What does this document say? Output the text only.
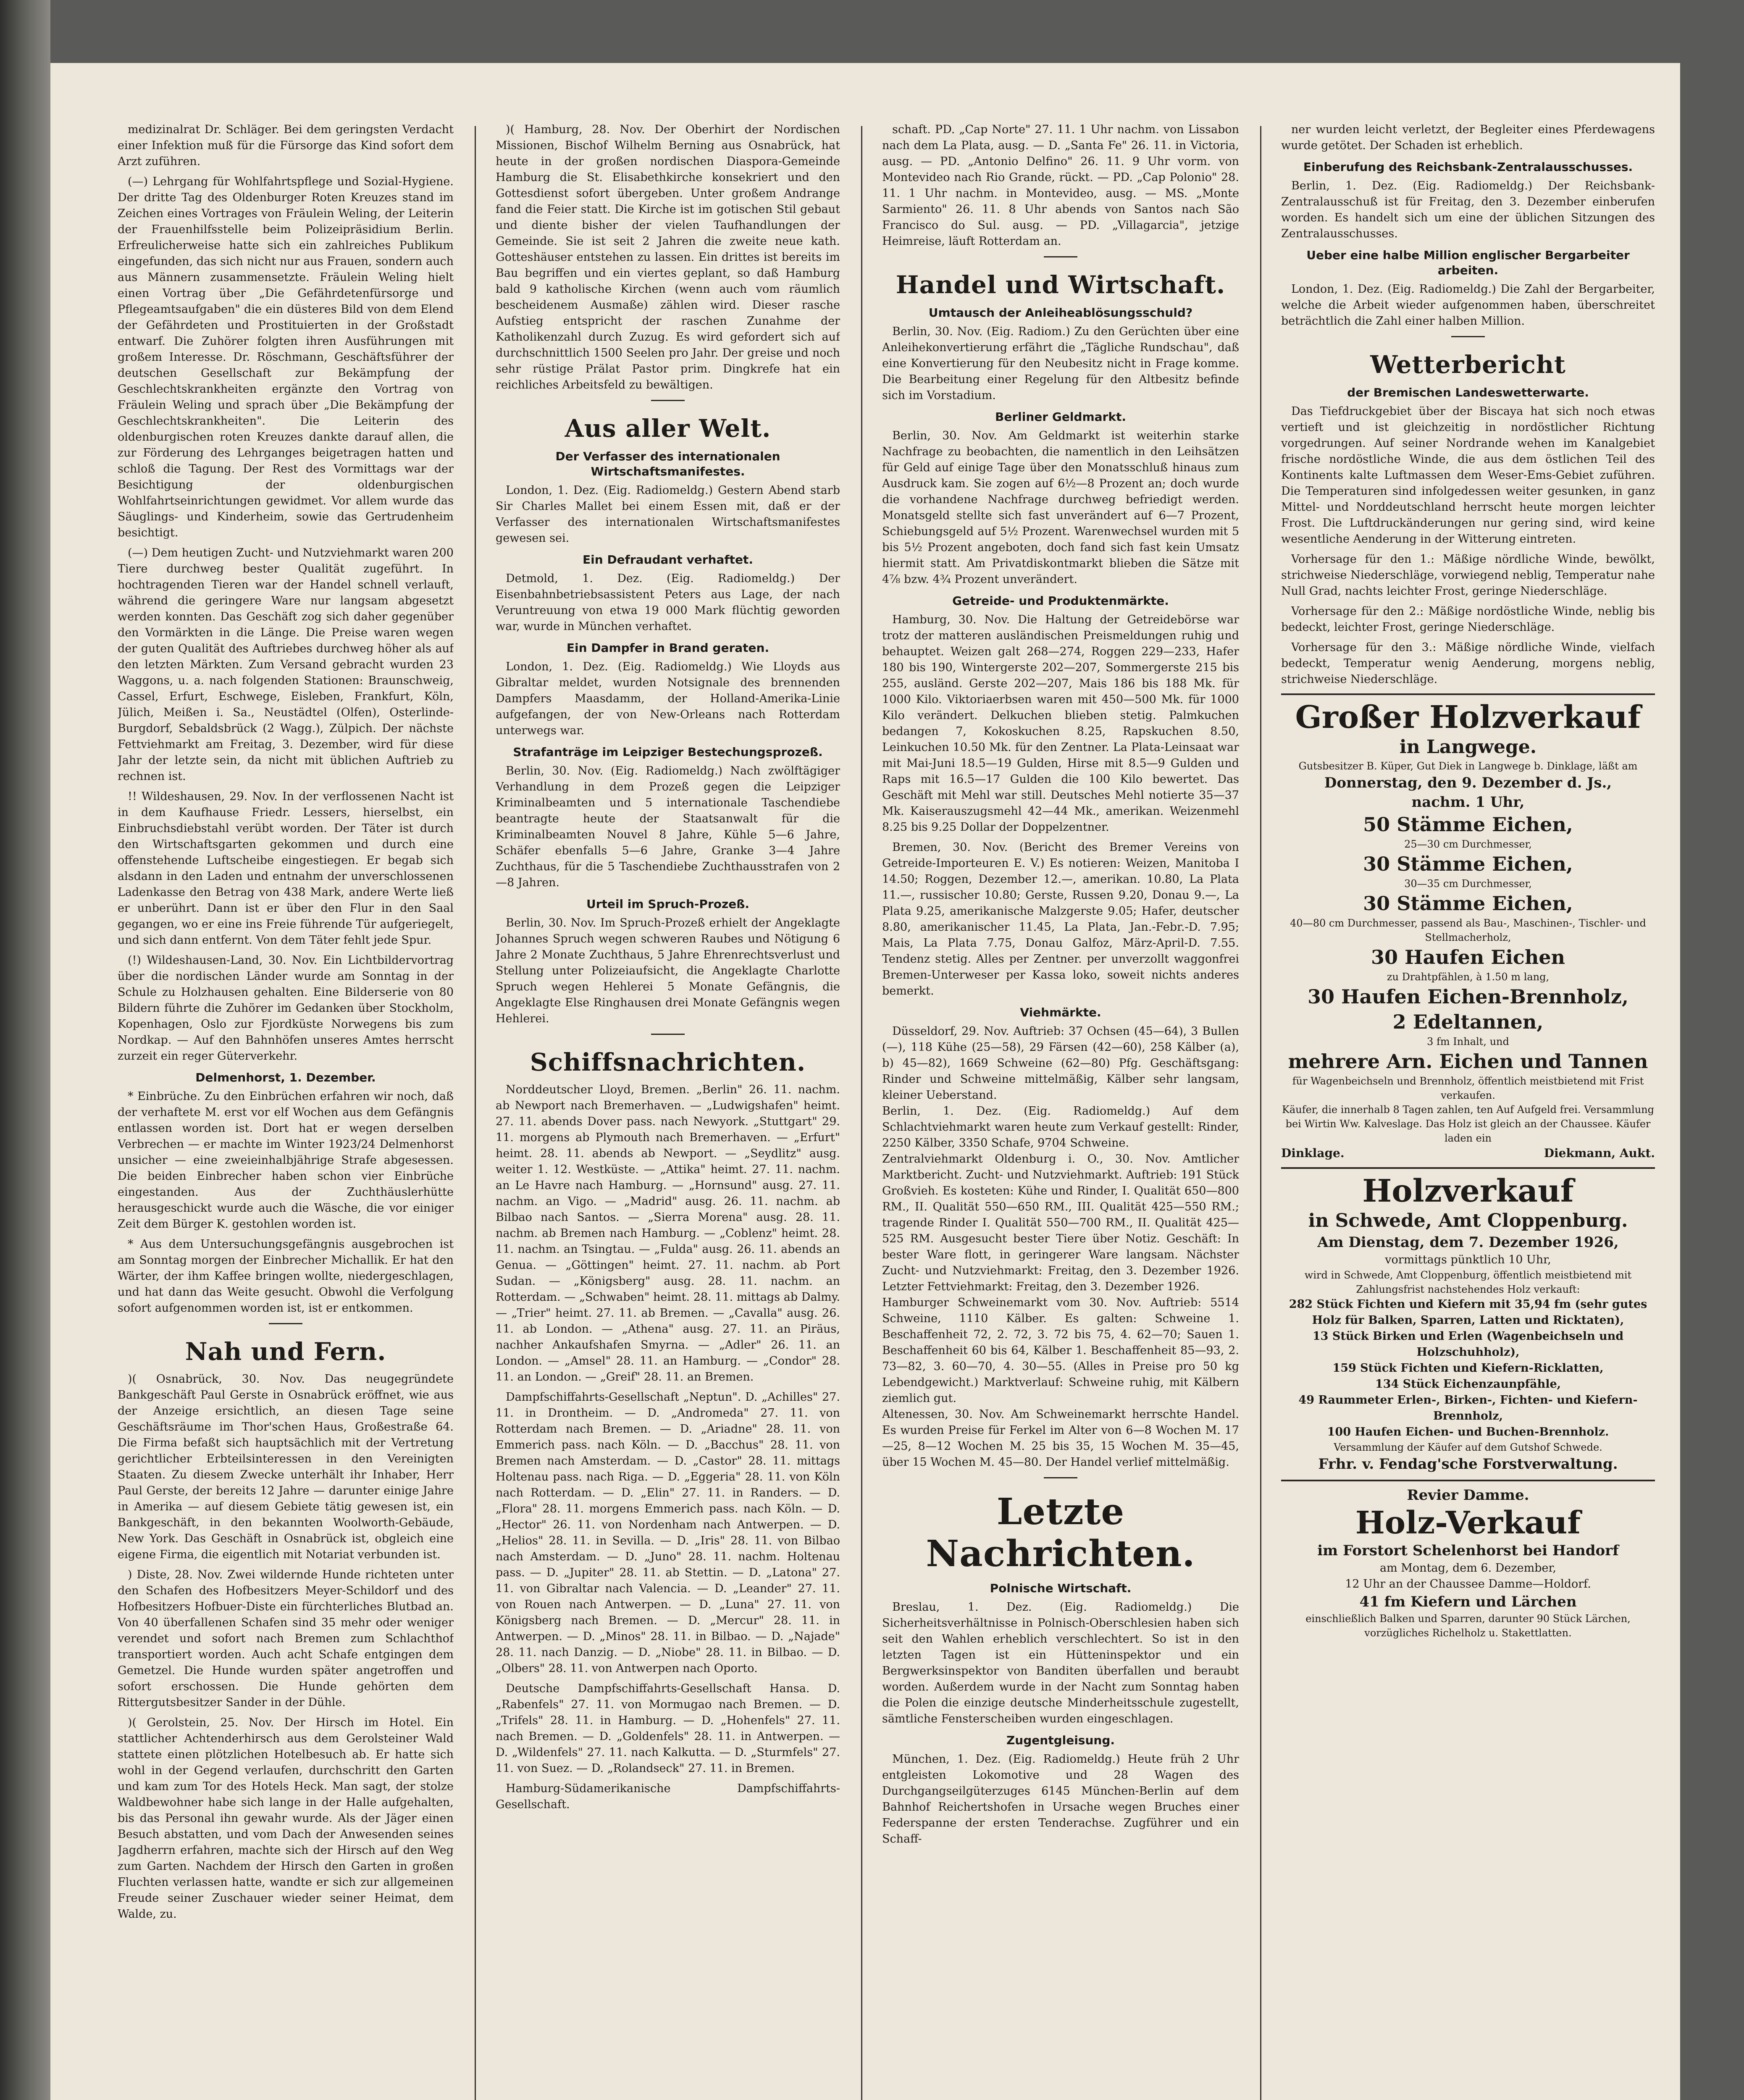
medizinalrat Dr. Schläger. Bei dem geringsten Verdacht einer Infektion muß für die Fürsorge das Kind sofort dem Arzt zuführen.

(—) Lehrgang für Wohlfahrtspflege und Sozial-Hygiene. Der dritte Tag des Oldenburger Roten Kreuzes stand im Zeichen eines Vortrages von Fräulein Weling, der Leiterin der Frauenhilfsstelle beim Polizeipräsidium Berlin. Erfreulicherweise hatte sich ein zahlreiches Publikum eingefunden, das sich nicht nur aus Frauen, sondern auch aus Männern zusammensetzte. Fräulein Weling hielt einen Vortrag über „Die Gefährdetenfürsorge und Pflegeamtsaufgaben" die ein düsteres Bild von dem Elend der Gefährdeten und Prostituierten in der Großstadt entwarf. Die Zuhörer folgten ihren Ausführungen mit großem Interesse. Dr. Röschmann, Geschäftsführer der deutschen Gesellschaft zur Bekämpfung der Geschlechtskrankheiten ergänzte den Vortrag von Fräulein Weling und sprach über „Die Bekämpfung der Geschlechtskrankheiten". Die Leiterin des oldenburgischen roten Kreuzes dankte darauf allen, die zur Förderung des Lehrganges beigetragen hatten und schloß die Tagung. Der Rest des Vormittags war der Besichtigung der oldenburgischen Wohlfahrtseinrichtungen gewidmet. Vor allem wurde das Säuglings- und Kinderheim, sowie das Gertrudenheim besichtigt.

(—) Dem heutigen Zucht- und Nutzviehmarkt waren 200 Tiere durchweg bester Qualität zugeführt. In hochtragenden Tieren war der Handel schnell verlauft, während die geringere Ware nur langsam abgesetzt werden konnten. Das Geschäft zog sich daher gegenüber den Vormärkten in die Länge. Die Preise waren wegen der guten Qualität des Auftriebes durchweg höher als auf den letzten Märkten. Zum Versand gebracht wurden 23 Waggons, u. a. nach folgenden Stationen: Braunschweig, Cassel, Erfurt, Eschwege, Eisleben, Frankfurt, Köln, Jülich, Meißen i. Sa., Neustädtel (Olfen), Osterlinde-Burgdorf, Sebaldsbrück (2 Wagg.), Zülpich. Der nächste Fettviehmarkt am Freitag, 3. Dezember, wird für diese Jahr der letzte sein, da nicht mit üblichen Auftrieb zu rechnen ist.

!! Wildeshausen, 29. Nov. In der verflossenen Nacht ist in dem Kaufhause Friedr. Lessers, hierselbst, ein Einbruchsdiebstahl verübt worden. Der Täter ist durch den Wirtschaftsgarten gekommen und durch eine offenstehende Luftscheibe eingestiegen. Er begab sich alsdann in den Laden und entnahm der unverschlossenen Ladenkasse den Betrag von 438 Mark, andere Werte ließ er unberührt. Dann ist er über den Flur in den Saal gegangen, wo er eine ins Freie führende Tür aufgeriegelt, und sich dann entfernt. Von dem Täter fehlt jede Spur.

(!) Wildeshausen-Land, 30. Nov. Ein Lichtbildervortrag über die nordischen Länder wurde am Sonntag in der Schule zu Holzhausen gehalten. Eine Bilderserie von 80 Bildern führte die Zuhörer im Gedanken über Stockholm, Kopenhagen, Oslo zur Fjordküste Norwegens bis zum Nordkap. — Auf den Bahnhöfen unseres Amtes herrscht zurzeit ein reger Güterverkehr.

Delmenhorst, 1. Dezember.

* Einbrüche. Zu den Einbrüchen erfahren wir noch, daß der verhaftete M. erst vor elf Wochen aus dem Gefängnis entlassen worden ist. Dort hat er wegen derselben Verbrechen — er machte im Winter 1923/24 Delmenhorst unsicher — eine zweieinhalbjährige Strafe abgesessen. Die beiden Einbrecher haben schon vier Einbrüche eingestanden. Aus der Zuchthäuslerhütte herausgeschickt wurde auch die Wäsche, die vor einiger Zeit dem Bürger K. gestohlen worden ist.

* Aus dem Untersuchungsgefängnis ausgebrochen ist am Sonntag morgen der Einbrecher Michallik. Er hat den Wärter, der ihm Kaffee bringen wollte, niedergeschlagen, und hat dann das Weite gesucht. Obwohl die Verfolgung sofort aufgenommen worden ist, ist er entkommen.

Nah und Fern.

)( Osnabrück, 30. Nov. Das neugegründete Bankgeschäft Paul Gerste in Osnabrück eröffnet, wie aus der Anzeige ersichtlich, an diesen Tage seine Geschäftsräume im Thor'schen Haus, Großestraße 64. Die Firma befaßt sich hauptsächlich mit der Vertretung gerichtlicher Erbteilsinteressen in den Vereinigten Staaten. Zu diesem Zwecke unterhält ihr Inhaber, Herr Paul Gerste, der bereits 12 Jahre — darunter einige Jahre in Amerika — auf diesem Gebiete tätig gewesen ist, ein Bankgeschäft, in den bekannten Woolworth-Gebäude, New York. Das Geschäft in Osnabrück ist, obgleich eine eigene Firma, die eigentlich mit Notariat verbunden ist.

) Diste, 28. Nov. Zwei wildernde Hunde richteten unter den Schafen des Hofbesitzers Meyer-Schildorf und des Hofbesitzers Hofbuer-Diste ein fürchterliches Blutbad an. Von 40 überfallenen Schafen sind 35 mehr oder weniger verendet und sofort nach Bremen zum Schlachthof transportiert worden. Auch acht Schafe entgingen dem Gemetzel. Die Hunde wurden später angetroffen und sofort erschossen. Die Hunde gehörten dem Rittergutsbesitzer Sander in der Dühle.

)( Gerolstein, 25. Nov. Der Hirsch im Hotel. Ein stattlicher Achtenderhirsch aus dem Gerolsteiner Wald stattete einen plötzlichen Hotelbesuch ab. Er hatte sich wohl in der Gegend verlaufen, durchschritt den Garten und kam zum Tor des Hotels Heck. Man sagt, der stolze Waldbewohner habe sich lange in der Halle aufgehalten, bis das Personal ihn gewahr wurde. Als der Jäger einen Besuch abstatten, und vom Dach der Anwesenden seines Jagdherrn erfahren, machte sich der Hirsch auf den Weg zum Garten. Nachdem der Hirsch den Garten in großen Fluchten verlassen hatte, wandte er sich zur allgemeinen Freude seiner Zuschauer wieder seiner Heimat, dem Walde, zu.

)( Hamburg, 28. Nov. Der Oberhirt der Nordischen Missionen, Bischof Wilhelm Berning aus Osnabrück, hat heute in der großen nordischen Diaspora-Gemeinde Hamburg die St. Elisabethkirche konsekriert und den Gottesdienst sofort übergeben. Unter großem Andrange fand die Feier statt. Die Kirche ist im gotischen Stil gebaut und diente bisher der vielen Taufhandlungen der Gemeinde. Sie ist seit 2 Jahren die zweite neue kath. Gotteshäuser entstehen zu lassen. Ein drittes ist bereits im Bau begriffen und ein viertes geplant, so daß Hamburg bald 9 katholische Kirchen (wenn auch vom räumlich bescheidenem Ausmaße) zählen wird. Dieser rasche Aufstieg entspricht der raschen Zunahme der Katholikenzahl durch Zuzug. Es wird gefordert sich auf durchschnittlich 1500 Seelen pro Jahr. Der greise und noch sehr rüstige Prälat Pastor prim. Dingkrefe hat ein reichliches Arbeitsfeld zu bewältigen.

Aus aller Welt.
Der Verfasser des internationalen Wirtschaftsmanifestes.

London, 1. Dez. (Eig. Radiomeldg.) Gestern Abend starb Sir Charles Mallet bei einem Essen mit, daß er der Verfasser des internationalen Wirtschaftsmanifestes gewesen sei.

Ein Defraudant verhaftet.

Detmold, 1. Dez. (Eig. Radiomeldg.) Der Eisenbahnbetriebsassistent Peters aus Lage, der nach Veruntreuung von etwa 19 000 Mark flüchtig geworden war, wurde in München verhaftet.

Ein Dampfer in Brand geraten.

London, 1. Dez. (Eig. Radiomeldg.) Wie Lloyds aus Gibraltar meldet, wurden Notsignale des brennenden Dampfers Maasdamm, der Holland-Amerika-Linie aufgefangen, der von New-Orleans nach Rotterdam unterwegs war.

Strafanträge im Leipziger Bestechungsprozeß.

Berlin, 30. Nov. (Eig. Radiomeldg.) Nach zwölftägiger Verhandlung in dem Prozeß gegen die Leipziger Kriminalbeamten und 5 internationale Taschendiebe beantragte heute der Staatsanwalt für die Kriminalbeamten Nouvel 8 Jahre, Kühle 5—6 Jahre, Schäfer ebenfalls 5—6 Jahre, Granke 3—4 Jahre Zuchthaus, für die 5 Taschendiebe Zuchthausstrafen von 2—8 Jahren.

Urteil im Spruch-Prozeß.

Berlin, 30. Nov. Im Spruch-Prozeß erhielt der Angeklagte Johannes Spruch wegen schweren Raubes und Nötigung 6 Jahre 2 Monate Zuchthaus, 5 Jahre Ehrenrechtsverlust und Stellung unter Polizeiaufsicht, die Angeklagte Charlotte Spruch wegen Hehlerei 5 Monate Gefängnis, die Angeklagte Else Ringhausen drei Monate Gefängnis wegen Hehlerei.

Schiffsnachrichten.

Norddeutscher Lloyd, Bremen. „Berlin" 26. 11. nachm. ab Newport nach Bremerhaven. — „Ludwigshafen" heimt. 27. 11. abends Dover pass. nach Newyork. „Stuttgart" 29. 11. morgens ab Plymouth nach Bremerhaven. — „Erfurt" heimt. 28. 11. abends ab Newport. — „Seydlitz" ausg. weiter 1. 12. Westküste. — „Attika" heimt. 27. 11. nachm. an Le Havre nach Hamburg. — „Hornsund" ausg. 27. 11. nachm. an Vigo. — „Madrid" ausg. 26. 11. nachm. ab Bilbao nach Santos. — „Sierra Morena" ausg. 28. 11. nachm. ab Bremen nach Hamburg. — „Coblenz" heimt. 28. 11. nachm. an Tsingtau. — „Fulda" ausg. 26. 11. abends an Genua. — „Göttingen" heimt. 27. 11. nachm. ab Port Sudan. — „Königsberg" ausg. 28. 11. nachm. an Rotterdam. — „Schwaben" heimt. 28. 11. mittags ab Dalmy. — „Trier" heimt. 27. 11. ab Bremen. — „Cavalla" ausg. 26. 11. ab London. — „Athena" ausg. 27. 11. an Piräus, nachher Ankaufshafen Smyrna. — „Adler" 26. 11. an London. — „Amsel" 28. 11. an Hamburg. — „Condor" 28. 11. an London. — „Greif" 28. 11. an Bremen.

Dampfschiffahrts-Gesellschaft „Neptun". D. „Achilles" 27. 11. in Drontheim. — D. „Andromeda" 27. 11. von Rotterdam nach Bremen. — D. „Ariadne" 28. 11. von Emmerich pass. nach Köln. — D. „Bacchus" 28. 11. von Bremen nach Amsterdam. — D. „Castor" 28. 11. mittags Holtenau pass. nach Riga. — D. „Eggeria" 28. 11. von Köln nach Rotterdam. — D. „Elin" 27. 11. in Randers. — D. „Flora" 28. 11. morgens Emmerich pass. nach Köln. — D. „Hector" 26. 11. von Nordenham nach Antwerpen. — D. „Helios" 28. 11. in Sevilla. — D. „Iris" 28. 11. von Bilbao nach Amsterdam. — D. „Juno" 28. 11. nachm. Holtenau pass. — D. „Jupiter" 28. 11. ab Stettin. — D. „Latona" 27. 11. von Gibraltar nach Valencia. — D. „Leander" 27. 11. von Rouen nach Antwerpen. — D. „Luna" 27. 11. von Königsberg nach Bremen. — D. „Mercur" 28. 11. in Antwerpen. — D. „Minos" 28. 11. in Bilbao. — D. „Najade" 28. 11. nach Danzig. — D. „Niobe" 28. 11. in Bilbao. — D. „Olbers" 28. 11. von Antwerpen nach Oporto.

Deutsche Dampfschiffahrts-Gesellschaft Hansa. D. „Rabenfels" 27. 11. von Mormugao nach Bremen. — D. „Trifels" 28. 11. in Hamburg. — D. „Hohenfels" 27. 11. nach Bremen. — D. „Goldenfels" 28. 11. in Antwerpen. — D. „Wildenfels" 27. 11. nach Kalkutta. — D. „Sturmfels" 27. 11. von Suez. — D. „Rolandseck" 27. 11. in Bremen.

Hamburg-Südamerikanische Dampfschiffahrts-Gesellschaft.

schaft. PD. „Cap Norte" 27. 11. 1 Uhr nachm. von Lissabon nach dem La Plata, ausg. — D. „Santa Fe" 26. 11. in Victoria, ausg. — PD. „Antonio Delfino" 26. 11. 9 Uhr vorm. von Montevideo nach Rio Grande, rückt. — PD. „Cap Polonio" 28. 11. 1 Uhr nachm. in Montevideo, ausg. — MS. „Monte Sarmiento" 26. 11. 8 Uhr abends von Santos nach São Francisco do Sul. ausg. — PD. „Villagarcia", jetzige Heimreise, läuft Rotterdam an.

Handel und Wirtschaft.
Umtausch der Anleiheablösungsschuld?

Berlin, 30. Nov. (Eig. Radiom.) Zu den Gerüchten über eine Anleihekonvertierung erfährt die „Tägliche Rundschau", daß eine Konvertierung für den Neubesitz nicht in Frage komme. Die Bearbeitung einer Regelung für den Altbesitz befinde sich im Vorstadium.

Berliner Geldmarkt.

Berlin, 30. Nov. Am Geldmarkt ist weiterhin starke Nachfrage zu beobachten, die namentlich in den Leihsätzen für Geld auf einige Tage über den Monatsschluß hinaus zum Ausdruck kam. Sie zogen auf 6½—8 Prozent an; doch wurde die vorhandene Nachfrage durchweg befriedigt werden. Monatsgeld stellte sich fast unverändert auf 6—7 Prozent, Schiebungsgeld auf 5½ Prozent. Warenwechsel wurden mit 5 bis 5½ Prozent angeboten, doch fand sich fast kein Umsatz hiermit statt. Am Privatdiskontmarkt blieben die Sätze mit 4⅞ bzw. 4¾ Prozent unverändert.

Getreide- und Produktenmärkte.

Hamburg, 30. Nov. Die Haltung der Getreidebörse war trotz der matteren ausländischen Preismeldungen ruhig und behauptet. Weizen galt 268—274, Roggen 229—233, Hafer 180 bis 190, Wintergerste 202—207, Sommergerste 215 bis 255, ausländ. Gerste 202—207, Mais 186 bis 188 Mk. für 1000 Kilo. Viktoriaerbsen waren mit 450—500 Mk. für 1000 Kilo verändert. Delkuchen blieben stetig. Palmkuchen bedangen 7, Kokoskuchen 8.25, Rapskuchen 8.50, Leinkuchen 10.50 Mk. für den Zentner. La Plata-Leinsaat war mit Mai-Juni 18.5—19 Gulden, Hirse mit 8.5—9 Gulden und Raps mit 16.5—17 Gulden die 100 Kilo bewertet. Das Geschäft mit Mehl war still. Deutsches Mehl notierte 35—37 Mk. Kaiserauszugsmehl 42—44 Mk., amerikan. Weizenmehl 8.25 bis 9.25 Dollar der Doppelzentner.

Bremen, 30. Nov. (Bericht des Bremer Vereins von Getreide-Importeuren E. V.) Es notieren: Weizen, Manitoba I 14.50; Roggen, Dezember 12.—, amerikan. 10.80, La Plata 11.—, russischer 10.80; Gerste, Russen 9.20, Donau 9.—, La Plata 9.25, amerikanische Malzgerste 9.05; Hafer, deutscher 8.80, amerikanischer 11.45, La Plata, Jan.-Febr.-D. 7.95; Mais, La Plata 7.75, Donau Galfoz, März-April-D. 7.55. Tendenz stetig. Alles per Zentner. per unverzollt waggonfrei Bremen-Unterweser per Kassa loko, soweit nichts anderes bemerkt.

Viehmärkte.

Düsseldorf, 29. Nov. Auftrieb: 37 Ochsen (45—64), 3 Bullen (—), 118 Kühe (25—58), 29 Färsen (42—60), 258 Kälber (a), b) 45—82), 1669 Schweine (62—80) Pfg. Geschäftsgang: Rinder und Schweine mittelmäßig, Kälber sehr langsam, kleiner Ueberstand.
Berlin, 1. Dez. (Eig. Radiomeldg.) Auf dem Schlachtviehmarkt waren heute zum Verkauf gestellt: Rinder, 2250 Kälber, 3350 Schafe, 9704 Schweine.
Zentralviehmarkt Oldenburg i. O., 30. Nov. Amtlicher Marktbericht. Zucht- und Nutzviehmarkt. Auftrieb: 191 Stück Großvieh. Es kosteten: Kühe und Rinder, I. Qualität 650—800 RM., II. Qualität 550—650 RM., III. Qualität 425—550 RM.; tragende Rinder I. Qualität 550—700 RM., II. Qualität 425—525 RM. Ausgesucht bester Tiere über Notiz. Geschäft: In bester Ware flott, in geringerer Ware langsam. Nächster Zucht- und Nutzviehmarkt: Freitag, den 3. Dezember 1926. Letzter Fettviehmarkt: Freitag, den 3. Dezember 1926.
Hamburger Schweinemarkt vom 30. Nov. Auftrieb: 5514 Schweine, 1110 Kälber. Es galten: Schweine 1. Beschaffenheit 72, 2. 72, 3. 72 bis 75, 4. 62—70; Sauen 1. Beschaffenheit 60 bis 64, Kälber 1. Beschaffenheit 85—93, 2. 73—82, 3. 60—70, 4. 30—55. (Alles in Preise pro 50 kg Lebendgewicht.) Marktverlauf: Schweine ruhig, mit Kälbern ziemlich gut.
Altenessen, 30. Nov. Am Schweinemarkt herrschte Handel. Es wurden Preise für Ferkel im Alter von 6—8 Wochen M. 17—25, 8—12 Wochen M. 25 bis 35, 15 Wochen M. 35—45, über 15 Wochen M. 45—80. Der Handel verlief mittelmäßig.

Letzte Nachrichten.
Polnische Wirtschaft.

Breslau, 1. Dez. (Eig. Radiomeldg.) Die Sicherheitsverhältnisse in Polnisch-Oberschlesien haben sich seit den Wahlen erheblich verschlechtert. So ist in den letzten Tagen ist ein Hütteninspektor und ein Bergwerksinspektor von Banditen überfallen und beraubt worden. Außerdem wurde in der Nacht zum Sonntag haben die Polen die einzige deutsche Minderheitsschule zugestellt, sämtliche Fensterscheiben wurden eingeschlagen.

Zugentgleisung.

München, 1. Dez. (Eig. Radiomeldg.) Heute früh 2 Uhr entgleisten Lokomotive und 28 Wagen des Durchgangseilgüterzuges 6145 München-Berlin auf dem Bahnhof Reichertshofen in Ursache wegen Bruches einer Federspanne der ersten Tenderachse. Zugführer und ein Schaff-

ner wurden leicht verletzt, der Begleiter eines Pferdewagens wurde getötet. Der Schaden ist erheblich.

Einberufung des Reichsbank-Zentralausschusses.

Berlin, 1. Dez. (Eig. Radiomeldg.) Der Reichsbank-Zentralausschuß ist für Freitag, den 3. Dezember einberufen worden. Es handelt sich um eine der üblichen Sitzungen des Zentralausschusses.

Ueber eine halbe Million englischer Bergarbeiter arbeiten.

London, 1. Dez. (Eig. Radiomeldg.) Die Zahl der Bergarbeiter, welche die Arbeit wieder aufgenommen haben, überschreitet beträchtlich die Zahl einer halben Million.

Wetterbericht
der Bremischen Landeswetterwarte.

Das Tiefdruckgebiet über der Biscaya hat sich noch etwas vertieft und ist gleichzeitig in nordöstlicher Richtung vorgedrungen. Auf seiner Nordrande wehen im Kanalgebiet frische nordöstliche Winde, die aus dem östlichen Teil des Kontinents kalte Luftmassen dem Weser-Ems-Gebiet zuführen. Die Temperaturen sind infolgedessen weiter gesunken, in ganz Mittel- und Norddeutschland herrscht heute morgen leichter Frost. Die Luftdruckänderungen nur gering sind, wird keine wesentliche Aenderung in der Witterung eintreten.

Vorhersage für den 1.: Mäßige nördliche Winde, bewölkt, strichweise Niederschläge, vorwiegend neblig, Temperatur nahe Null Grad, nachts leichter Frost, geringe Niederschläge.

Vorhersage für den 2.: Mäßige nordöstliche Winde, neblig bis bedeckt, leichter Frost, geringe Niederschläge.

Vorhersage für den 3.: Mäßige nördliche Winde, vielfach bedeckt, Temperatur wenig Aenderung, morgens neblig, strichweise Niederschläge.

Großer Holzverkauf
in Langwege.
Gutsbesitzer B. Küper, Gut Diek in Langwege b. Dinklage, läßt am
Donnerstag, den 9. Dezember d. Js.,
nachm. 1 Uhr,
50 Stämme Eichen,
25—30 cm Durchmesser,
30 Stämme Eichen,
30—35 cm Durchmesser,
30 Stämme Eichen,
40—80 cm Durchmesser, passend als Bau-, Maschinen-, Tischler- und Stellmacherholz,
30 Haufen Eichen
zu Drahtpfählen, à 1.50 m lang,
30 Haufen Eichen-Brennholz,
2 Edeltannen,
3 fm Inhalt, und
mehrere Arn. Eichen und Tannen
für Wagenbeichseln und Brennholz, öffentlich meistbietend mit Frist verkaufen.
Käufer, die innerhalb 8 Tagen zahlen, ten Auf Aufgeld frei. Versammlung bei Wirtin Ww. Kalveslage. Das Holz ist gleich an der Chaussee. Käufer laden ein
Dinklage.	Diekmann, Aukt.
Holzverkauf
in Schwede, Amt Cloppenburg.
Am Dienstag, dem 7. Dezember 1926,
vormittags pünktlich 10 Uhr,
wird in Schwede, Amt Cloppenburg, öffentlich meistbietend mit Zahlungsfrist nachstehendes Holz verkauft:
282 Stück Fichten und Kiefern mit 35,94 fm (sehr gutes Holz für Balken, Sparren, Latten und Ricktaten),
13 Stück Birken und Erlen (Wagenbeichseln und Holzschuhholz),
159 Stück Fichten und Kiefern-Ricklatten,
134 Stück Eichenzaunpfähle,
49 Raummeter Erlen-, Birken-, Fichten- und Kiefern-Brennholz,
100 Haufen Eichen- und Buchen-Brennholz.
Versammlung der Käufer auf dem Gutshof Schwede.
Frhr. v. Fendag'sche Forstverwaltung.
Revier Damme.
Holz-Verkauf
im Forstort Schelenhorst bei Handorf
am Montag, dem 6. Dezember,
12 Uhr an der Chaussee Damme—Holdorf.
41 fm Kiefern und Lärchen
einschließlich Balken und Sparren, darunter 90 Stück Lärchen, vorzügliches Richelholz u. Stakettlatten.
